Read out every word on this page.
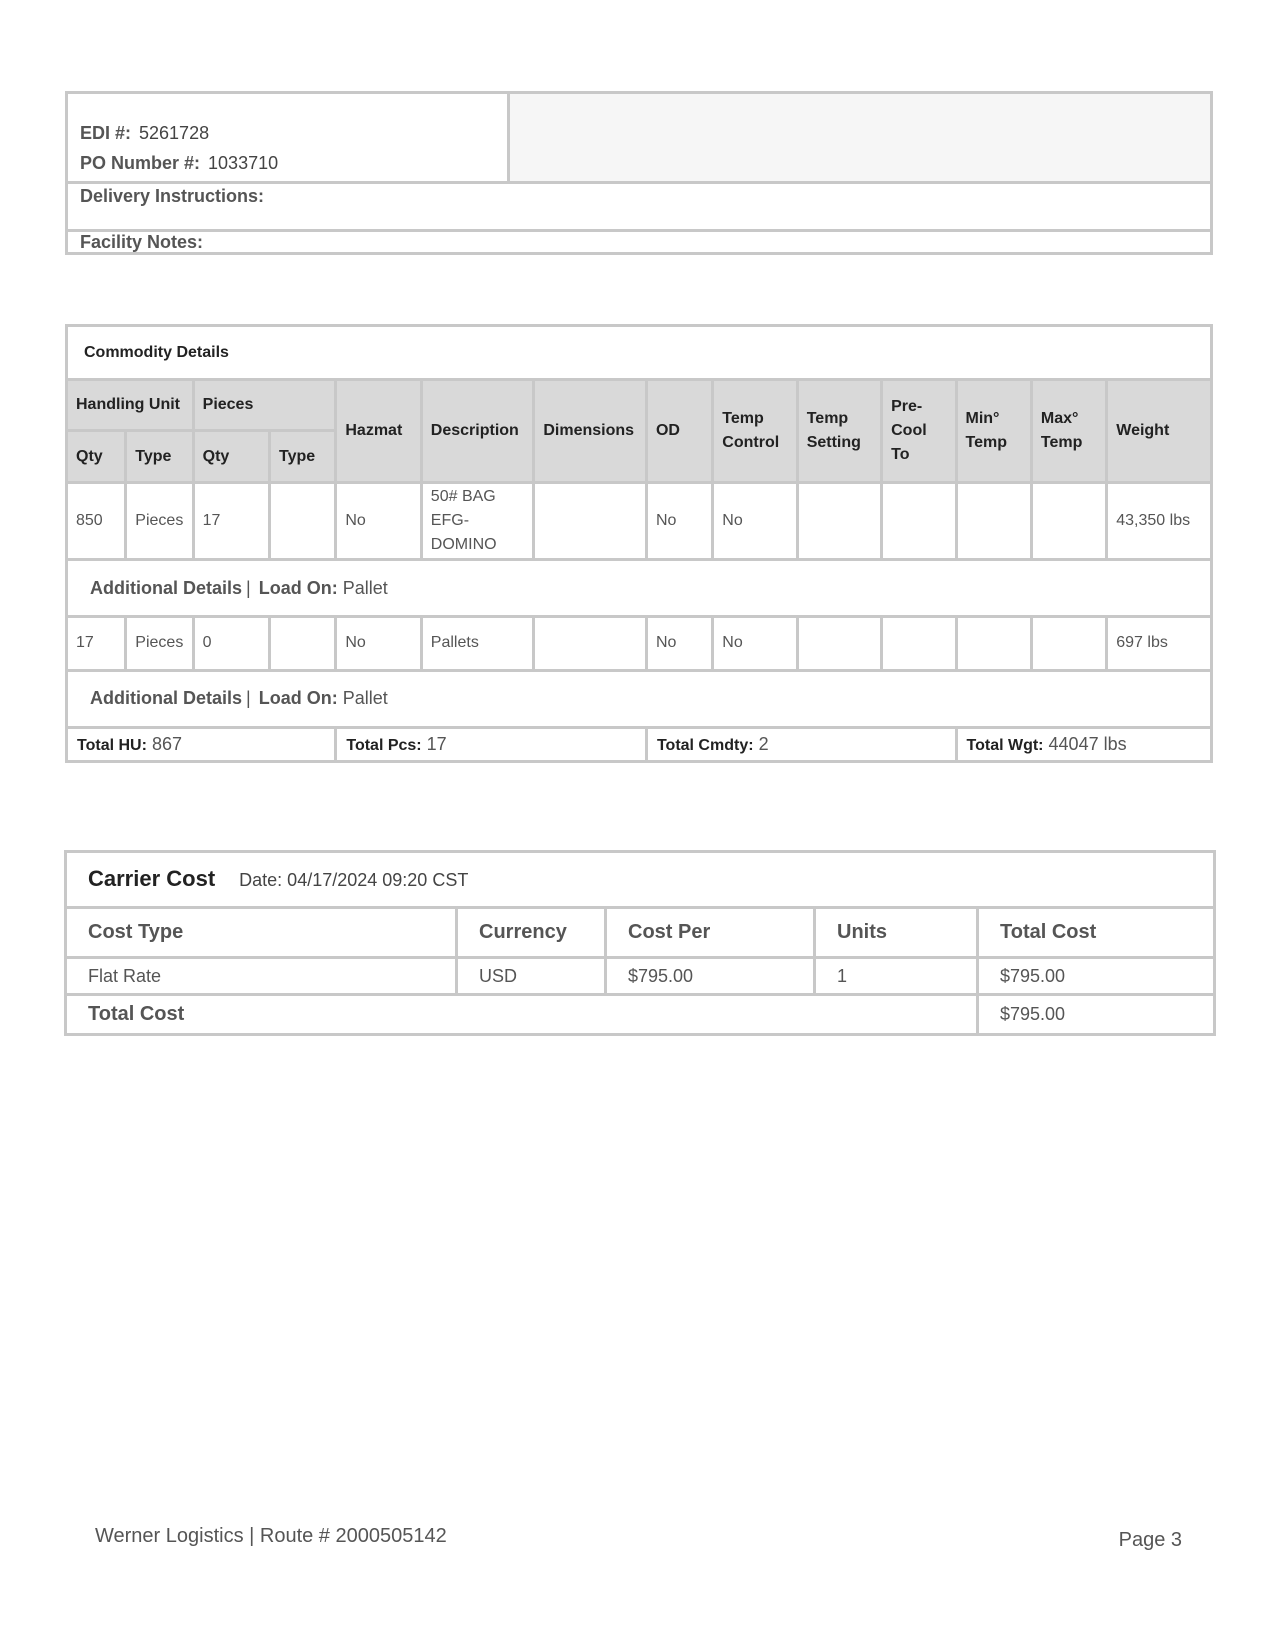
EDI #: 5261728
PO Number #: 1033710

Delivery Instructions:
Facility Notes:
Commodity Details													
Handling Unit		Pieces		Hazmat	Description	Dimensions	OD	Temp Control	Temp Setting	Pre-Cool To	Min° Temp	Max° Temp	Weight
Qty	Type	Qty	Type										
850	Pieces	17		No	50# BAG EFG-DOMINO		No	No					43,350 lbs
Additional Details | Load On: Pallet													
17	Pieces	0		No	Pallets		No	No					697 lbs
Additional Details | Load On: Pallet													
Total HU: 867				Total Pcs: 17			Total Cmdty: 2				Total Wgt: 44047 lbs		
Carrier Cost Date: 04/17/2024 09:20 CST				
Cost Type	Currency	Cost Per	Units	Total Cost
Flat Rate	USD	$795.00	1	$795.00
Total Cost				$795.00
Werner Logistics | Route # 2000505142	Page 3
